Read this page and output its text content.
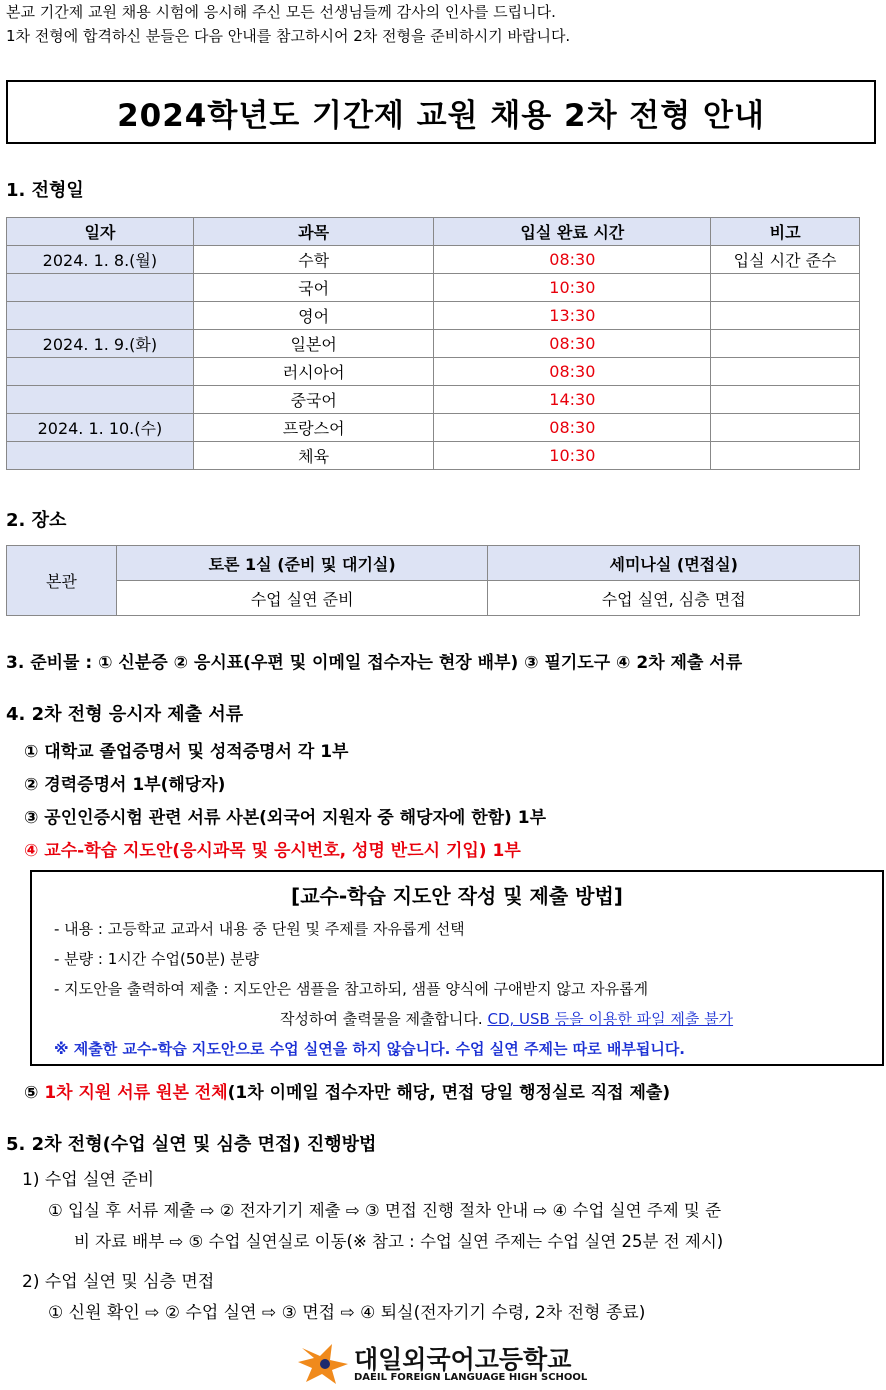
본교 기간제 교원 채용 시험에 응시해 주신 모든 선생님들께 감사의 인사를 드립니다.
1차 전형에 합격하신 분들은 다음 안내를 참고하시어 2차 전형을 준비하시기 바랍니다.
2024학년도 기간제 교원 채용 2차 전형 안내
1. 전형일
일자	과목	입실 완료 시간	비고
2024. 1. 8.(월)	수학	08:30	입실 시간 준수
	국어	10:30	
	영어	13:30	
2024. 1. 9.(화)	일본어	08:30	
	러시아어	08:30	
	중국어	14:30	
2024. 1. 10.(수)	프랑스어	08:30	
	체육	10:30	
2. 장소
본관	토론 1실 (준비 및 대기실)	세미나실 (면접실)
	수업 실연 준비	수업 실연, 심층 면접
3. 준비물 : ① 신분증 ② 응시표(우편 및 이메일 접수자는 현장 배부) ③ 필기도구 ④ 2차 제출 서류
4. 2차 전형 응시자 제출 서류
① 대학교 졸업증명서 및 성적증명서 각 1부
② 경력증명서 1부(해당자)
③ 공인인증시험 관련 서류 사본(외국어 지원자 중 해당자에 한함) 1부
④ 교수-학습 지도안(응시과목 및 응시번호, 성명 반드시 기입) 1부
[교수-학습 지도안 작성 및 제출 방법]
- 내용 : 고등학교 교과서 내용 중 단원 및 주제를 자유롭게 선택
- 분량 : 1시간 수업(50분) 분량
- 지도안을 출력하여 제출 : 지도안은 샘플을 참고하되, 샘플 양식에 구애받지 않고 자유롭게
작성하여 출력물을 제출합니다. CD, USB 등을 이용한 파일 제출 불가
※ 제출한 교수-학습 지도안으로 수업 실연을 하지 않습니다. 수업 실연 주제는 따로 배부됩니다.
⑤ 1차 지원 서류 원본 전체(1차 이메일 접수자만 해당, 면접 당일 행정실로 직접 제출)
5. 2차 전형(수업 실연 및 심층 면접) 진행방법
1) 수업 실연 준비
① 입실 후 서류 제출 ⇨ ② 전자기기 제출 ⇨ ③ 면접 진행 절차 안내 ⇨ ④ 수업 실연 주제 및 준
비 자료 배부 ⇨ ⑤ 수업 실연실로 이동(※ 참고 : 수업 실연 주제는 수업 실연 25분 전 제시)
2) 수업 실연 및 심층 면접
① 신원 확인 ⇨ ② 수업 실연 ⇨ ③ 면접 ⇨ ④ 퇴실(전자기기 수령, 2차 전형 종료)
대일외국어고등학교
DAEIL FOREIGN LANGUAGE HIGH SCHOOL
